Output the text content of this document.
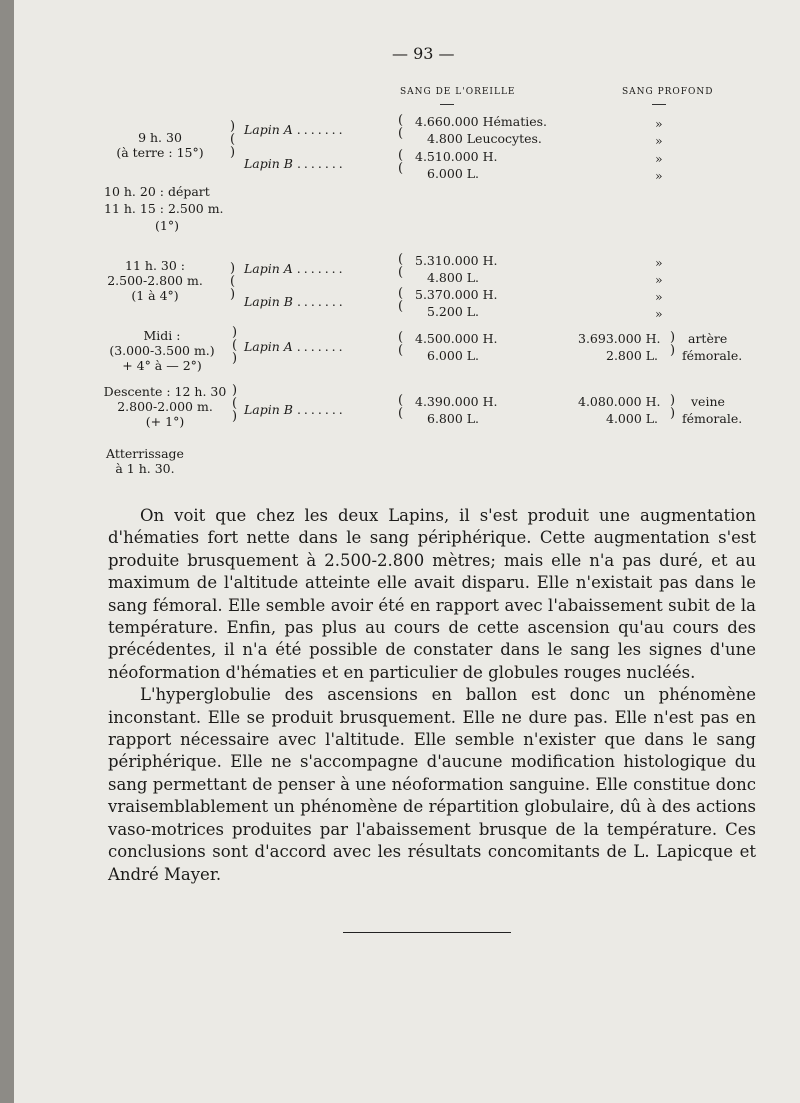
— 93 —
SANG DE L'OREILLE	SANG PROFOND
9 h. 30
(à terre : 15°)
10 h. 20 : départ
11 h. 15 : 2.500 m.
(1°)
11 h. 30 :
2.500-2.800 m.
(1 à 4°)
Midi :
(3.000-3.500 m.)
+ 4° à — 2°)
Descente : 12 h. 30
2.800-2.000 m.
(+ 1°)
Atterrissage
à 1 h. 30.
)
(
)
)
(
)
)
(
)
)
(
)
Lapin A .......
Lapin B .......
Lapin A .......
Lapin B .......
Lapin A .......
Lapin B .......
(
(
(
(
(
(
(
(
(
(
(
(
4.660.000 Hématies.
4.800 Leucocytes.
4.510.000 H.
6.000 L.
5.310.000 H.
4.800 L.
5.370.000 H.
5.200 L.
4.500.000 H.
6.000 L.
4.390.000 H.
6.800 L.
»
»
»
»
»
»
»
»
3.693.000 H.
2.800 L.
4.080.000 H.
4.000 L.
)
)
)
)
artère
fémorale.
veine
fémorale.

On voit que chez les deux Lapins, il s'est produit une augmentation d'hématies fort nette dans le sang périphérique. Cette augmentation s'est produite brusquement à 2.500-2.800 mètres; mais elle n'a pas duré, et au maximum de l'altitude atteinte elle avait disparu. Elle n'existait pas dans le sang fémoral. Elle semble avoir été en rapport avec l'abaissement subit de la température. Enfin, pas plus au cours de cette ascension qu'au cours des précédentes, il n'a été possible de constater dans le sang les signes d'une néoformation d'hématies et en particulier de globules rouges nucléés.

L'hyperglobulie des ascensions en ballon est donc un phénomène inconstant. Elle se produit brusquement. Elle ne dure pas. Elle n'est pas en rapport nécessaire avec l'altitude. Elle semble n'exister que dans le sang périphérique. Elle ne s'accompagne d'aucune modification histologique du sang permettant de penser à une néoformation sanguine. Elle constitue donc vraisemblablement un phénomène de répartition globulaire, dû à des actions vaso-motrices produites par l'abaissement brusque de la température. Ces conclusions sont d'accord avec les résultats concomitants de L. Lapicque et André Mayer.
